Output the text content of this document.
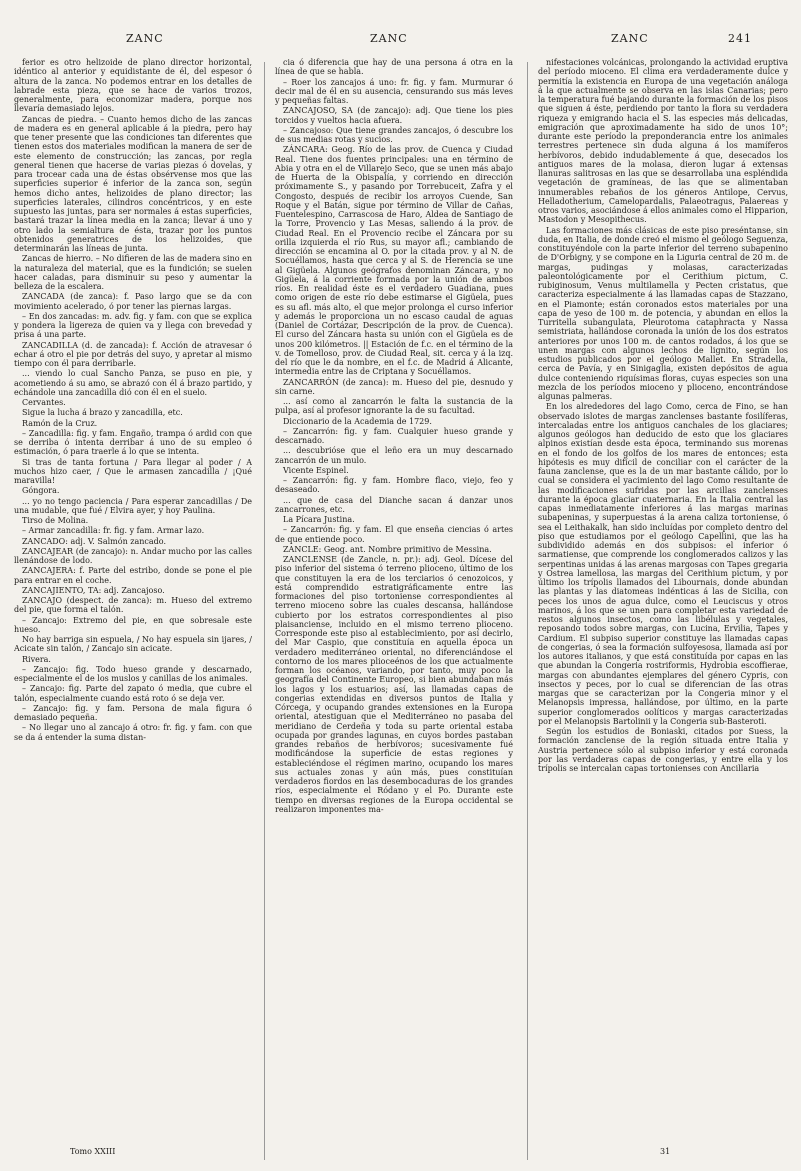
ZANC	ZANC	ZANC	241

ferior es otro helizoide de plano director horizontal, idéntico al anterior y equidistante de él, del espesor ó altura de la zanca. No podemos entrar en los detalles de labrade esta pieza, que se hace de varios trozos, generalmente, para economizar madera, porque nos llevaría demasiado lejos.

Zancas de piedra. – Cuanto hemos dicho de las zancas de madera es en general aplicable á la piedra, pero hay que tener presente que las condiciones tan diferentes que tienen estos dos materiales modifican la manera de ser de este elemento de construcción; las zancas, por regla general tienen que hacerse de varias piezas ó dovelas, y para trocear cada una de éstas obsérvense mos que las superficies superior é inferior de la zanca son, según hemos dicho antes, helizoides de plano director; las superficies laterales, cilindros concéntricos, y en este supuesto las juntas, para ser normales á estas superficies, bastará trazar la línea media en la zanca; llevar á uno y otro lado la semialtura de ésta, trazar por los puntos obtenidos generatrices de los helizoides, que determinarán las líneas de junta.

Zancas de hierro. – No difieren de las de madera sino en la naturaleza del material, que es la fundición; se suelen hacer caladas, para disminuir su peso y aumentar la belleza de la escalera.

ZANCADA (de zanca): f. Paso largo que se da con movimiento acelerado, ó por tener las piernas largas.

– En dos zancadas: m. adv. fig. y fam. con que se explica y pondera la ligereza de quien va y llega con brevedad y prisa á una parte.

ZANCADILLA (d. de zancada): f. Acción de atravesar ó echar á otro el pie por detrás del suyo, y apretar al mismo tiempo con él para derribarle.

... viendo lo cual Sancho Panza, se puso en pie, y acometiendo á su amo, se abrazó con él á brazo partido, y echándole una zancadilla dió con él en el suelo.

Cervantes.

Sigue la lucha á brazo y zancadilla, etc.

Ramón de la Cruz.

– Zancadilla: fig. y fam. Engaño, trampa ó ardid con que se derriba ó intenta derribar á uno de su empleo ó estimación, ó para traerle á lo que se intenta.

Si tras de tanta fortuna / Para llegar al poder / A muchos hizo caer, / Que le armasen zancadilla / ¡Qué maravilla!

Góngora.

... yo no tengo paciencia / Para esperar zancadillas / De una mudable, que fué / Elvira ayer, y hoy Paulina.

Tirso de Molina.

– Armar zancadilla: fr. fig. y fam. Armar lazo.

ZANCADO: adj. V. Salmón zancado.

ZANCAJEAR (de zancajo): n. Andar mucho por las calles llenándose de lodo.

ZANCAJERA: f. Parte del estribo, donde se pone el pie para entrar en el coche.

ZANCAJIENTO, TA: adj. Zancajoso.

ZANCAJO (despect. de zanca): m. Hueso del extremo del pie, que forma el talón.

– Zancajo: Extremo del pie, en que sobresale este hueso.

No hay barriga sin espuela, / No hay espuela sin ijares, / Acicate sin talón, / Zancajo sin acicate.

Rivera.

– Zancajo: fig. Todo hueso grande y descarnado, especialmente el de los muslos y canillas de los animales.

– Zancajo: fig. Parte del zapato ó media, que cubre el talón, especialmente cuando está roto ó se deja ver.

– Zancajo: fig. y fam. Persona de mala figura ó demasiado pequeña.

– No llegar uno al zancajo á otro: fr. fig. y fam. con que se da á entender la suma distan-

cia ó diferencia que hay de una persona á otra en la línea de que se habla.

– Roer los zancajos á uno: fr. fig. y fam. Murmurar ó decir mal de él en su ausencia, censurando sus más leves y pequeñas faltas.

ZANCAJOSO, SA (de zancajo): adj. Que tiene los pies torcidos y vueltos hacia afuera.

– Zancajoso: Que tiene grandes zancajos, ó descubre los de sus medias rotas y sucios.

ZÁNCARA: Geog. Río de las prov. de Cuenca y Ciudad Real. Tiene dos fuentes principales: una en término de Abia y otra en el de Villarejo Seco, que se unen más abajo de Huerta de la Obispalía, y corriendo en dirección próximamente S., y pasando por Torrebuceit, Zafra y el Congosto, después de recibir los arroyos Cuende, San Roque y el Batán, sigue por término de Villar de Cañas, Fuentelespino, Carrascosa de Haro, Aldea de Santiago de la Torre, Provencio y Las Mesas, saliendo á la prov. de Ciudad Real. En el Provencio recibe el Záncara por su orilla izquierda el río Rus, su mayor afl.; cambiando de dirección se encamina al O. por la citada prov. y al N. de Socuéllamos, hasta que cerca y al S. de Herencia se une al Gigüela. Algunos geógrafos denominan Záncara, y no Gigüela, á la corriente formada por la unión de ambos ríos. En realidad éste es el verdadero Guadiana, pues como origen de este río debe estimarse el Gigüela, pues es su afl. más alto, el que mejor prolonga el curso inferior y además le proporciona un no escaso caudal de aguas (Daniel de Cortázar, Descripción de la prov. de Cuenca). El curso del Záncara hasta su unión con el Gigüela es de unos 200 kilómetros. || Estación de f.c. en el término de la v. de Tomelloso, prov. de Ciudad Real, sit. cerca y á la izq. del río que le da nombre, en el f.c. de Madrid á Alicante, intermedia entre las de Criptana y Socuéllamos.

ZANCARRÓN (de zanca): m. Hueso del pie, desnudo y sin carne.

... así como al zancarrón le falta la sustancia de la pulpa, así al profesor ignorante la de su facultad.

Diccionario de la Academia de 1729.

– Zancarrón: fig. y fam. Cualquier hueso grande y descarnado.

... descubrióse que el leño era un muy descarnado zancarrón de un mulo.

Vicente Espinel.

– Zancarrón: fig. y fam. Hombre flaco, viejo, feo y desaseado.

... que de casa del Dianche sacan á danzar unos zancarrones, etc.

La Pícara Justina.

– Zancarrón: fig. y fam. El que enseña ciencias ó artes de que entiende poco.

ZANCLE: Geog. ant. Nombre primitivo de Messina.

ZANCLENSE (de Zancle, n. pr.): adj. Geol. Dícese del piso inferior del sistema ó terreno plioceno, último de los que constituyen la era de los terciarios ó cenozoicos, y está comprendido estratigráficamente entre las formaciones del piso tortoniense correspondientes al terreno mioceno sobre las cuales descansa, hallándose cubierto por los estratos correspondientes al piso plaisanciense, incluido en el mismo terreno plioceno. Corresponde este piso al establecimiento, por así decirlo, del Mar Caspio, que constituía en aquella época un verdadero mediterráneo oriental, no diferenciándose el contorno de los mares plioceénos de los que actualmente forman los océanos, variando, por tanto, muy poco la geografía del Continente Europeo, si bien abundaban más los lagos y los estuarios; así, las llamadas capas de congerias extendidas en diversos puntos de Italia y Córcega, y ocupando grandes extensiones en la Europa oriental, atestiguan que el Mediterráneo no pasaba del meridiano de Cerdeña y toda su parte oriental estaba ocupada por grandes lagunas, en cuyos bordes pastaban grandes rebaños de herbívoros; sucesivamente fué modificándose la superficie de estas regiones y estableciéndose el régimen marino, ocupando los mares sus actuales zonas y aún más, pues constituían verdaderos fiordos en las desembocaduras de los grandes ríos, especialmente el Ródano y el Po. Durante este tiempo en diversas regiones de la Europa occidental se realizaron imponentes ma-

nifestaciones volcánicas, prolongando la actividad eruptiva del período mioceno. El clima era verdaderamente dulce y permitía la existencia en Europa de una vegetación análoga á la que actualmente se observa en las islas Canarias; pero la temperatura fué bajando durante la formación de los pisos que siguen á éste, perdiendo por tanto la flora su verdadera riqueza y emigrando hacia el S. las especies más delicadas, emigración que aproximadamente ha sido de unos 10°; durante este período la preponderancia entre los animales terrestres pertenece sin duda alguna á los mamíferos herbívoros, debido indudablemente á que, desecados los antiguos mares de la molasa, dieron lugar á extensas llanuras salitrosas en las que se desarrollaba una espléndida vegetación de gramíneas, de las que se alimentaban innumerables rebaños de los géneros Antilope, Cervus, Helladotherium, Camelopardalis, Palaeotragus, Palaereas y otros varios, asociándose á ellos animales como el Hipparion, Mastodon y Mesopithecus.

Las formaciones más clásicas de este piso preséntanse, sin duda, en Italia, de donde creó el mismo el geólogo Seguenza, constituyéndole con la parte inferior del terreno subapenino de D'Orbigny, y se compone en la Liguria central de 20 m. de margas, pudingas y molasas, caracterizadas paleontológicamente por el Cerithium pictum, C. rubiginosum, Venus multilamella y Pecten cristatus, que caracteriza especialmente á las llamadas capas de Stazzano, en el Piamonte; están coronados estos materiales por una capa de yeso de 100 m. de potencia, y abundan en ellos la Turritella subangulata, Pleurotoma cataphracta y Nassa semistriata, hallándose coronada la unión de los dos estratos anteriores por unos 100 m. de cantos rodados, á los que se unen margas con algunos lechos de lignito, según los estudios publicados por el geólogo Mallet. En Stradella, cerca de Pavía, y en Sinigaglia, existen depósitos de agua dulce conteniendo riquísimas floras, cuyas especies son una mezcla de los períodos mioceno y plioceno, encontrándose algunas palmeras.

En los alrededores del lago Como, cerca de Fino, se han observado islotes de margas zanclenses bastante fosilíferas, intercaladas entre los antiguos canchales de los glaciares; algunos geólogos han deducido de esto que los glaciares alpinos existían desde esta época, terminando sus morenas en el fondo de los golfos de los mares de entonces; esta hipótesis es muy difícil de conciliar con el carácter de la fauna zanclense, que es la de un mar bastante cálido, por lo cual se considera el yacimiento del lago Como resultante de las modificaciones sufridas por las arcillas zanclenses durante la época glaciar cuaternaria. En la Italia central las capas inmediatamente inferiores á las margas marinas subapeninas, y superpuestas á la arena caliza tortoniense, ó sea el Leithakalk, han sido incluídas por completo dentro del piso que estudiamos por el geólogo Capellini, que las ha subdividido además en dos subpisos: el inferior ó sarmatiense, que comprende los conglomerados calizos y las serpentinas unidas á las arenas margosas con Tapes gregaria y Ostrea lamellosa, las margas del Cerithium pictum, y por último los trípolis llamados del Libournais, donde abundan las plantas y las diatomeas indénticas á las de Sicilia, con peces los unos de agua dulce, como el Leuciscus y otros marinos, á los que se unen para completar esta variedad de restos algunos insectos, como las libélulas y vegetales, reposando todos sobre margas, con Lucina, Ervilia, Tapes y Cardium. El subpiso superior constituye las llamadas capas de congerias, ó sea la formación sulfoyesosa, llamada así por los autores italianos, y que está constituída por capas en las que abundan la Congeria rostriformis, Hydrobia escoffierae, margas con abundantes ejemplares del género Cypris, con insectos y peces, por lo cual se diferencian de las otras margas que se caracterizan por la Congeria minor y el Melanopsis impressa, hallándose, por último, en la parte superior conglomerados oolíticos y margas caracterizadas por el Melanopsis Bartolinii y la Congeria sub-Basteroti.

Según los estudios de Boniaski, citados por Suess, la formación zanclense de la región situada entre Italia y Austria pertenece sólo al subpiso inferior y está coronada por las verdaderas capas de congerias, y entre ella y los trípolis se intercalan capas tortonienses con Ancillaria

Tomo XXIII	31
